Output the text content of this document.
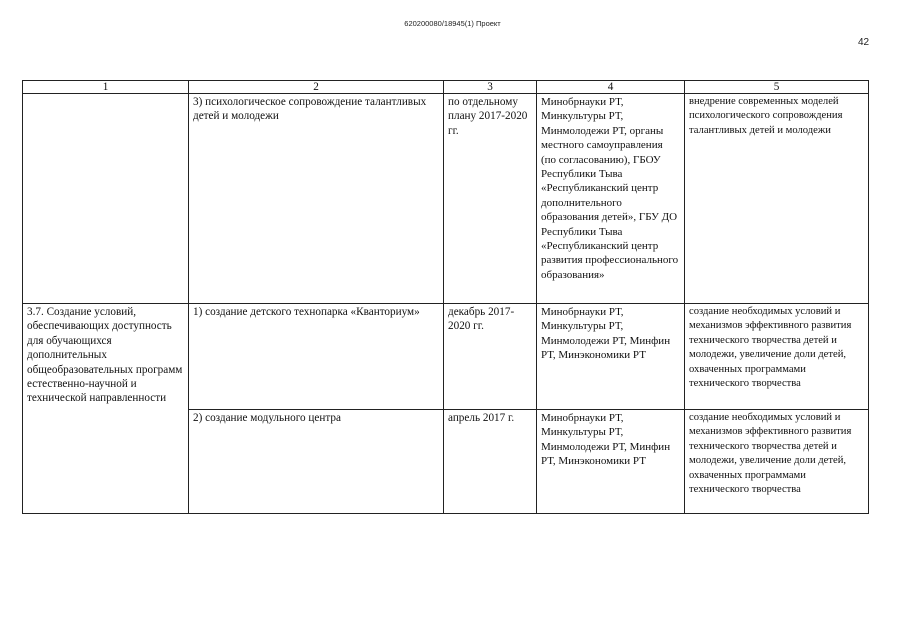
620200080/18945(1) Проект
42
1	2	3	4	5
	3) психологическое сопровождение талантливых детей и молодежи	по отдельному плану 2017-2020 гг.	Минобрнауки РТ, Минкультуры РТ, Минмолодежи РТ, органы местного самоуправления (по согласованию), ГБОУ Республики Тыва «Республиканский центр дополнительного образования детей», ГБУ ДО Республики Тыва «Республиканский центр развития профессионального образования»	внедрение современных моделей психологического сопровождения талантливых детей и молодежи
3.7. Создание условий, обеспечивающих доступность для обучающихся дополнительных общеобразовательных программ естественно-научной и технической направленности	1) создание детского технопарка «Кванториум»	декабрь 2017-2020 гг.	Минобрнауки РТ, Минкультуры РТ, Минмолодежи РТ, Минфин РТ, Минэкономики РТ	создание необходимых условий и механизмов эффективного развития технического творчества детей и молодежи, увеличение доли детей, охваченных программами технического творчества
	2) создание модульного центра	апрель 2017 г.	Минобрнауки РТ, Минкультуры РТ, Минмолодежи РТ, Минфин РТ, Минэкономики РТ	создание необходимых условий и механизмов эффективного развития технического творчества детей и молодежи, увеличение доли детей, охваченных программами технического творчества
